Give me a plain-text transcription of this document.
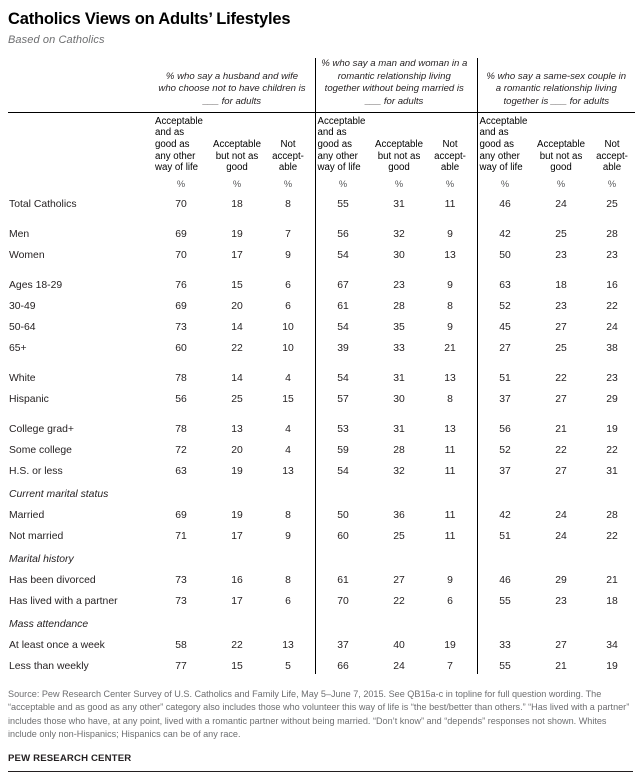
Catholics Views on Adults’ Lifestyles
Based on Catholics
	% who say a husband and wife who choose not to have children is ___ for adults				% who say a man and woman in a romantic relationship living together without being married is ___ for adults				% who say a same-sex couple in a romantic relationship living together is ___ for adults		
	Acceptable
and as
good as
any other
way of life	Acceptable
but not as
good	Not
accept-
able		Acceptable
and as
good as
any other
way of life	Acceptable
but not as
good	Not
accept-
able		Acceptable
and as
good as
any other
way of life	Acceptable
but not as
good	Not
accept-
able
	%	%	%		%	%	%		%	%	%
Total Catholics	70	18	8		55	31	11		46	24	25

Men	69	19	7		56	32	9		42	25	28
Women	70	17	9		54	30	13		50	23	23

Ages 18-29	76	15	6		67	23	9		63	18	16
30-49	69	20	6		61	28	8		52	23	22
50-64	73	14	10		54	35	9		45	27	24
65+	60	22	10		39	33	21		27	25	38

White	78	14	4		54	31	13		51	22	23
Hispanic	56	25	15		57	30	8		37	27	29

College grad+	78	13	4		53	31	13		56	21	19
Some college	72	20	4		59	28	11		52	22	22
H.S. or less	63	19	13		54	32	11		37	27	31
Current marital status											
Married	69	19	8		50	36	11		42	24	28
Not married	71	17	9		60	25	11		51	24	22
Marital history											
Has been divorced	73	16	8		61	27	9		46	29	21
Has lived with a partner	73	17	6		70	22	6		55	23	18
Mass attendance											
At least once a week	58	22	13		37	40	19		33	27	34
Less than weekly	77	15	5		66	24	7		55	21	19
Source: Pew Research Center Survey of U.S. Catholics and Family Life, May 5–June 7, 2015. See QB15a-c in topline for full question wording. The “acceptable and as good as any other” category also includes those who volunteer this way of life is “the best/better than others.” “Has lived with a partner” includes those who have, at any point, lived with a romantic partner without being married. “Don’t know” and “depends” responses not shown. Whites include only non-Hispanics; Hispanics can be of any race.
PEW RESEARCH CENTER
